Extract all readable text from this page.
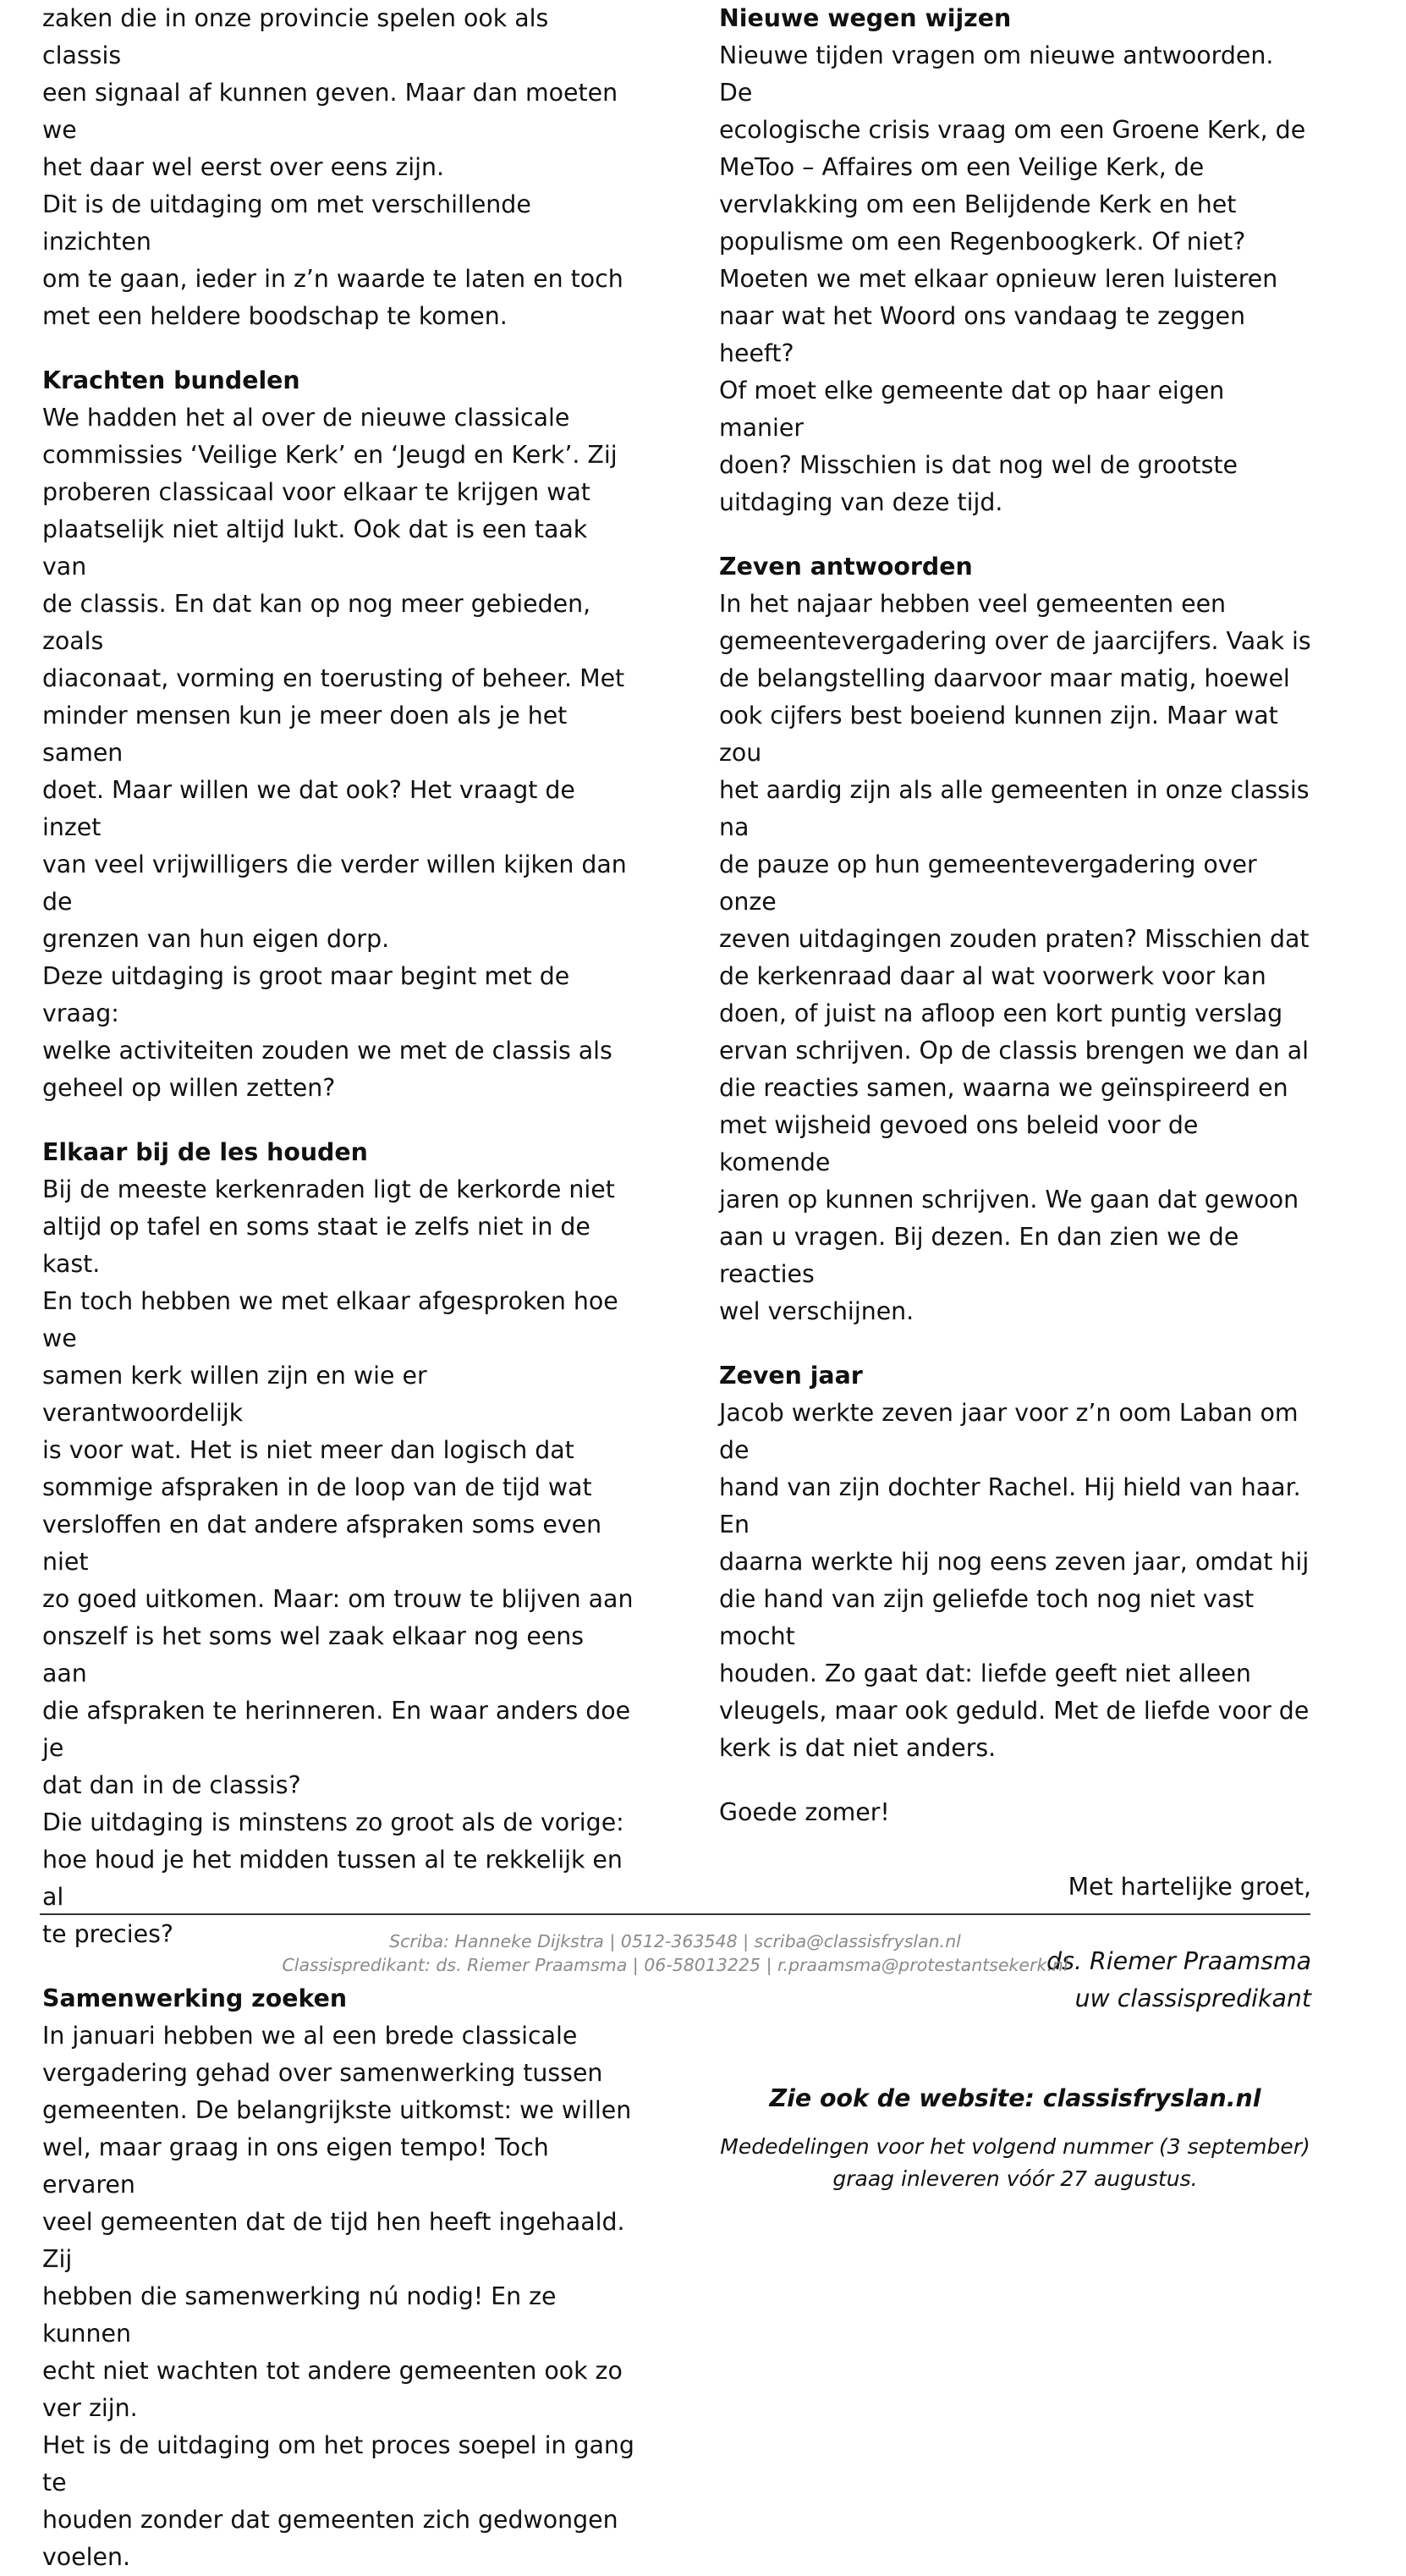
zaken die in onze provincie spelen ook als classis
een signaal af kunnen geven. Maar dan moeten we
het daar wel eerst over eens zijn.
Dit is de uitdaging om met verschillende inzichten
om te gaan, ieder in z’n waarde te laten en toch
met een heldere boodschap te komen.

Krachten bundelen

We hadden het al over de nieuwe classicale
commissies ‘Veilige Kerk’ en ‘Jeugd en Kerk’. Zij
proberen classicaal voor elkaar te krijgen wat
plaatselijk niet altijd lukt. Ook dat is een taak van
de classis. En dat kan op nog meer gebieden, zoals
diaconaat, vorming en toerusting of beheer. Met
minder mensen kun je meer doen als je het samen
doet. Maar willen we dat ook? Het vraagt de inzet
van veel vrijwilligers die verder willen kijken dan de
grenzen van hun eigen dorp.
Deze uitdaging is groot maar begint met de vraag:
welke activiteiten zouden we met de classis als
geheel op willen zetten?

Elkaar bij de les houden

Bij de meeste kerkenraden ligt de kerkorde niet
altijd op tafel en soms staat ie zelfs niet in de kast.
En toch hebben we met elkaar afgesproken hoe we
samen kerk willen zijn en wie er verantwoordelijk
is voor wat. Het is niet meer dan logisch dat
sommige afspraken in de loop van de tijd wat
versloffen en dat andere afspraken soms even niet
zo goed uitkomen. Maar: om trouw te blijven aan
onszelf is het soms wel zaak elkaar nog eens aan
die afspraken te herinneren. En waar anders doe je
dat dan in de classis?
Die uitdaging is minstens zo groot als de vorige:
hoe houd je het midden tussen al te rekkelijk en al
te precies?

Samenwerking zoeken

In januari hebben we al een brede classicale
vergadering gehad over samenwerking tussen
gemeenten. De belangrijkste uitkomst: we willen
wel, maar graag in ons eigen tempo! Toch ervaren
veel gemeenten dat de tijd hen heeft ingehaald. Zij
hebben die samenwerking nú nodig! En ze kunnen
echt niet wachten tot andere gemeenten ook zo
ver zijn.
Het is de uitdaging om het proces soepel in gang te
houden zonder dat gemeenten zich gedwongen
voelen.

Nieuwe wegen wijzen

Nieuwe tijden vragen om nieuwe antwoorden. De
ecologische crisis vraag om een Groene Kerk, de
MeToo – Affaires om een Veilige Kerk, de
vervlakking om een Belijdende Kerk en het
populisme om een Regenboogkerk. Of niet?
Moeten we met elkaar opnieuw leren luisteren
naar wat het Woord ons vandaag te zeggen heeft?
Of moet elke gemeente dat op haar eigen manier
doen? Misschien is dat nog wel de grootste
uitdaging van deze tijd.

Zeven antwoorden

In het najaar hebben veel gemeenten een
gemeentevergadering over de jaarcijfers. Vaak is
de belangstelling daarvoor maar matig, hoewel
ook cijfers best boeiend kunnen zijn. Maar wat zou
het aardig zijn als alle gemeenten in onze classis na
de pauze op hun gemeentevergadering over onze
zeven uitdagingen zouden praten? Misschien dat
de kerkenraad daar al wat voorwerk voor kan
doen, of juist na afloop een kort puntig verslag
ervan schrijven. Op de classis brengen we dan al
die reacties samen, waarna we geïnspireerd en
met wijsheid gevoed ons beleid voor de komende
jaren op kunnen schrijven. We gaan dat gewoon
aan u vragen. Bij dezen. En dan zien we de reacties
wel verschijnen.

Zeven jaar

Jacob werkte zeven jaar voor z’n oom Laban om de
hand van zijn dochter Rachel. Hij hield van haar. En
daarna werkte hij nog eens zeven jaar, omdat hij
die hand van zijn geliefde toch nog niet vast mocht
houden. Zo gaat dat: liefde geeft niet alleen
vleugels, maar ook geduld. Met de liefde voor de
kerk is dat niet anders.

Goede zomer!

Met hartelijke groet,

ds. Riemer Praamsma
uw classispredikant

Zie ook de website: classisfryslan.nl

Mededelingen voor het volgend nummer (3 september)
graag inleveren vóór 27 augustus.

Scriba: Hanneke Dijkstra | 0512-363548 | scriba@classisfryslan.nl
Classispredikant: ds. Riemer Praamsma | 06-58013225 | r.praamsma@protestantsekerk.nl
